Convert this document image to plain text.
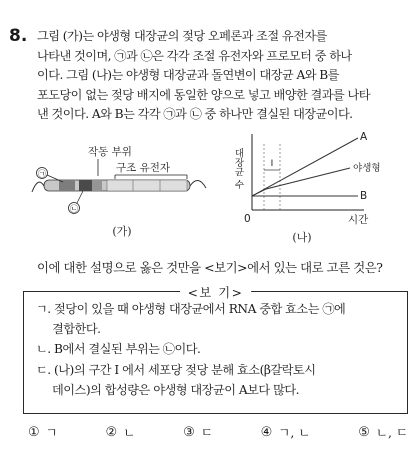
8. 그림 (가)는 야생형 대장균의 젖당 오페론과 조절 유전자를
나타낸 것이며, ㉠과 ㉡은 각각 조절 유전자와 프로모터 중 하나
이다. 그림 (나)는 야생형 대장균과 돌연변이 대장균 A와 B를
포도당이 없는 젖당 배지에 동일한 양으로 넣고 배양한 결과를 나타
낸 것이다. A와 B는 각각 ㉠과 ㉡ 중 하나만 결실된 대장균이다.
작동 부위
구조 유전자
㉠
㉡
(가)
대장균 수
0	시간
I
A
야생형
B
(나)
이에 대한 설명으로 옳은 것만을 <보기>에서 있는 대로 고른 것은?
<보 기>
ㄱ. 젖당이 있을 때 야생형 대장균에서 RNA 중합 효소는 ㉠에
결합한다.
ㄴ. B에서 결실된 부위는 ㉡이다.
ㄷ. (나)의 구간 Ⅰ 에서 세포당 젖당 분해 효소(β갈락토시
데이스)의 합성량은 야생형 대장균이 A보다 많다.
① ㄱ	② ㄴ	③ ㄷ	④ ㄱ, ㄴ	⑤ ㄴ, ㄷ
